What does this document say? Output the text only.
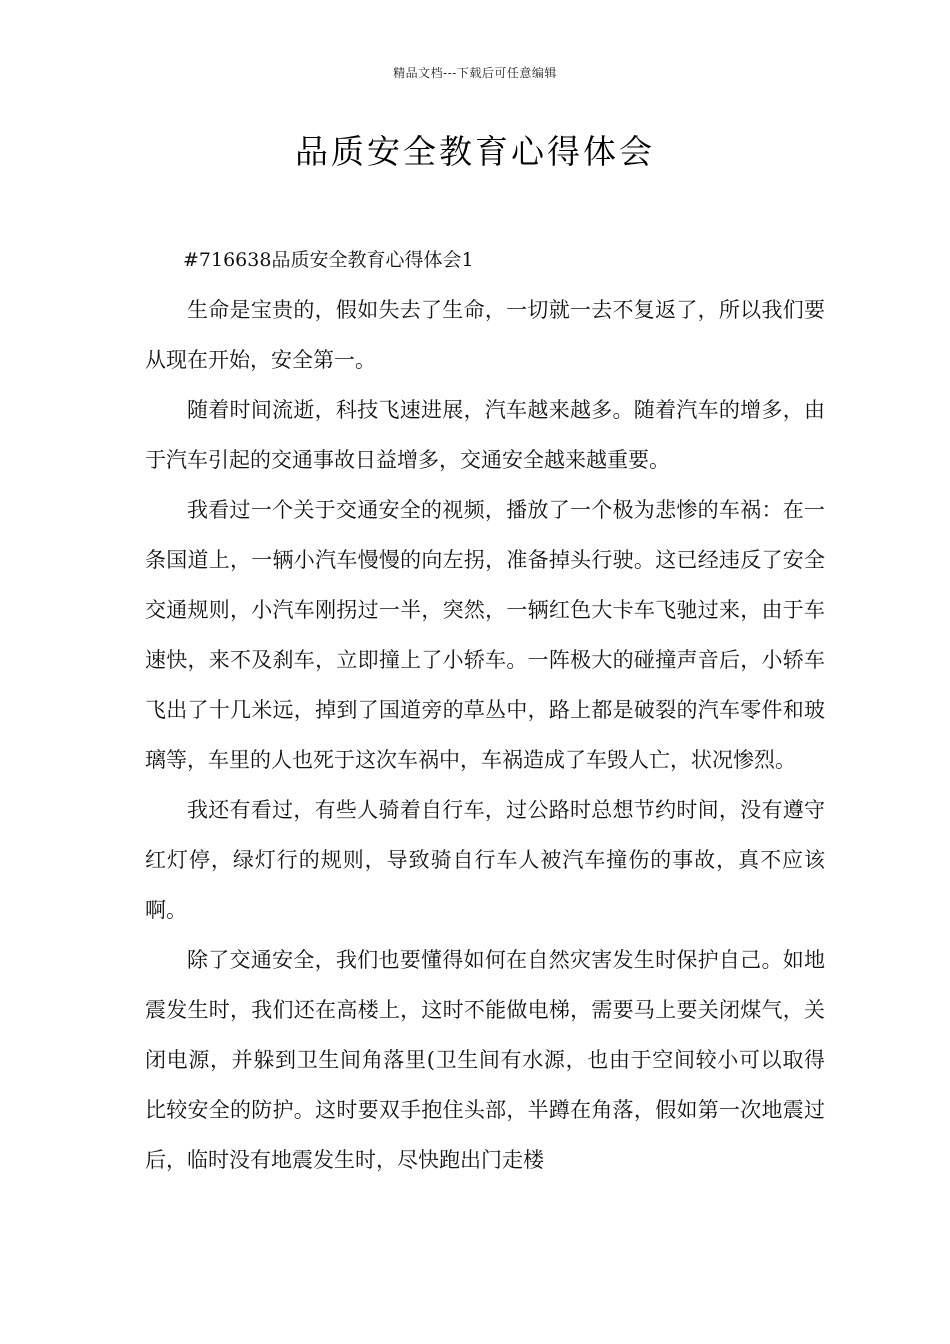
精品文档---下载后可任意编辑
品质安全教育心得体会

#716638品质安全教育心得体会1

生命是宝贵的，假如失去了生命，一切就一去不复返了，所以我们要从现在开始，安全第一。

随着时间流逝，科技飞速进展，汽车越来越多。随着汽车的增多，由于汽车引起的交通事故日益增多，交通安全越来越重要。

我看过一个关于交通安全的视频，播放了一个极为悲惨的车祸：在一条国道上，一辆小汽车慢慢的向左拐，准备掉头行驶。这已经违反了安全交通规则，小汽车刚拐过一半，突然，一辆红色大卡车飞驰过来，由于车速快，来不及刹车，立即撞上了小轿车。一阵极大的碰撞声音后，小轿车飞出了十几米远，掉到了国道旁的草丛中，路上都是破裂的汽车零件和玻璃等，车里的人也死于这次车祸中，车祸造成了车毁人亡，状况惨烈。

我还有看过，有些人骑着自行车，过公路时总想节约时间，没有遵守红灯停，绿灯行的规则，导致骑自行车人被汽车撞伤的事故，真不应该啊。

除了交通安全，我们也要懂得如何在自然灾害发生时保护自己。如地震发生时，我们还在高楼上，这时不能做电梯，需要马上要关闭煤气，关闭电源，并躲到卫生间角落里(卫生间有水源，也由于空间较小可以取得比较安全的防护。这时要双手抱住头部，半蹲在角落，假如第一次地震过后，临时没有地震发生时，尽快跑出门走楼
